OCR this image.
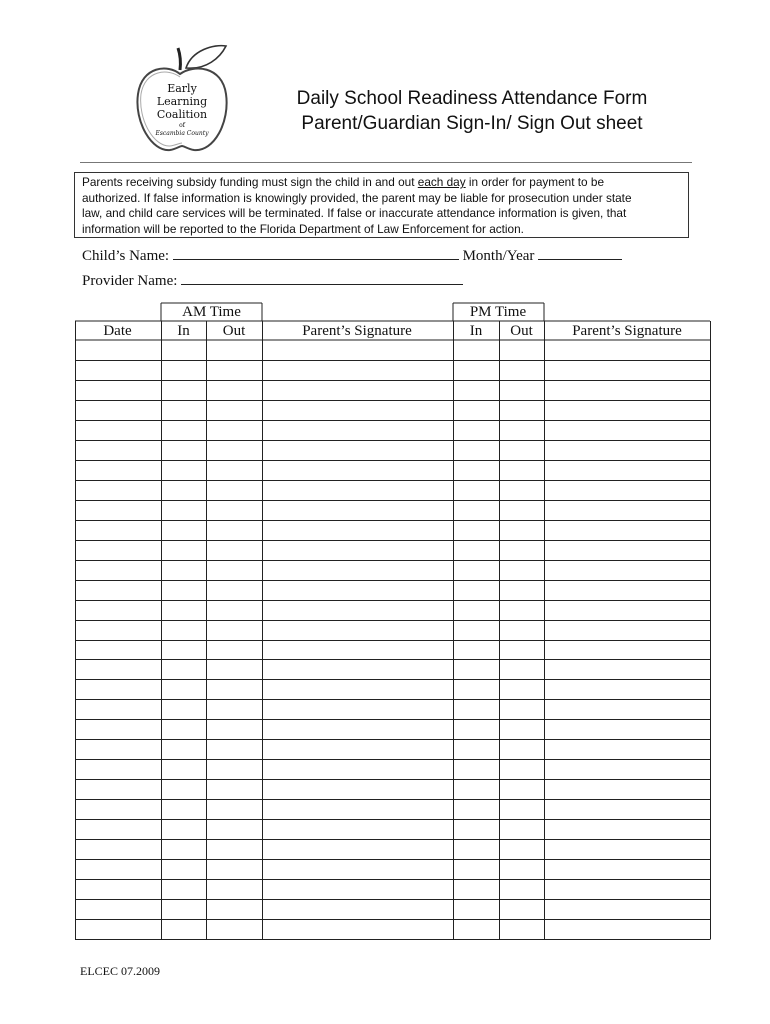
Early
Learning
Coalition
of
Escambia County
Daily School Readiness Attendance Form
Parent/Guardian Sign-In/ Sign Out sheet
Parents receiving subsidy funding must sign the child in and out each day in order for payment to be
authorized. If false information is knowingly provided, the parent may be liable for prosecution under state
law, and child care services will be terminated. If false or inaccurate attendance information is given, that
information will be reported to the Florida Department of Law Enforcement for action.
Child’s Name:	Month/Year
Provider Name:
AM Time	PM Time
Date	In	Out	Parent’s Signature	In	Out	Parent’s Signature
ELCEC 07.2009
